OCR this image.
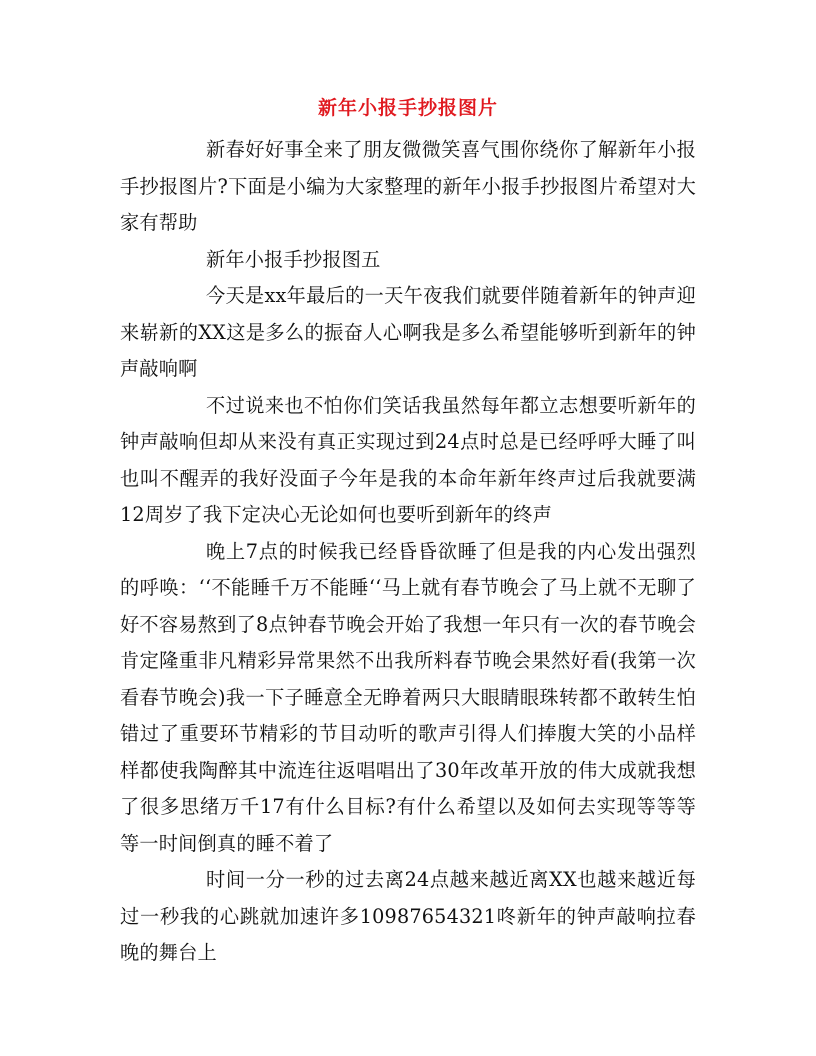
新年小报手抄报图片

新春好好事全来了朋友微微笑喜气围你绕你了解新年小报手抄报图片?下面是小编为大家整理的新年小报手抄报图片希望对大家有帮助

新年小报手抄报图五

今天是xx年最后的一天午夜我们就要伴随着新年的钟声迎来崭新的XX这是多么的振奋人心啊我是多么希望能够听到新年的钟声敲响啊

不过说来也不怕你们笑话我虽然每年都立志想要听新年的钟声敲响但却从来没有真正实现过到24点时总是已经呼呼大睡了叫也叫不醒弄的我好没面子今年是我的本命年新年终声过后我就要满12周岁了我下定决心无论如何也要听到新年的终声

晚上7点的时候我已经昏昏欲睡了但是我的内心发出强烈的呼唤：‘‘不能睡千万不能睡‘‘马上就有春节晚会了马上就不无聊了好不容易熬到了8点钟春节晚会开始了我想一年只有一次的春节晚会肯定隆重非凡精彩异常果然不出我所料春节晚会果然好看(我第一次看春节晚会)我一下子睡意全无睁着两只大眼睛眼珠转都不敢转生怕错过了重要环节精彩的节目动听的歌声引得人们捧腹大笑的小品样样都使我陶醉其中流连往返唱唱出了30年改革开放的伟大成就我想了很多思绪万千17有什么目标?有什么希望以及如何去实现等等等等一时间倒真的睡不着了

时间一分一秒的过去离24点越来越近离XX也越来越近每过一秒我的心跳就加速许多10987654321咚新年的钟声敲响拉春晚的舞台上
